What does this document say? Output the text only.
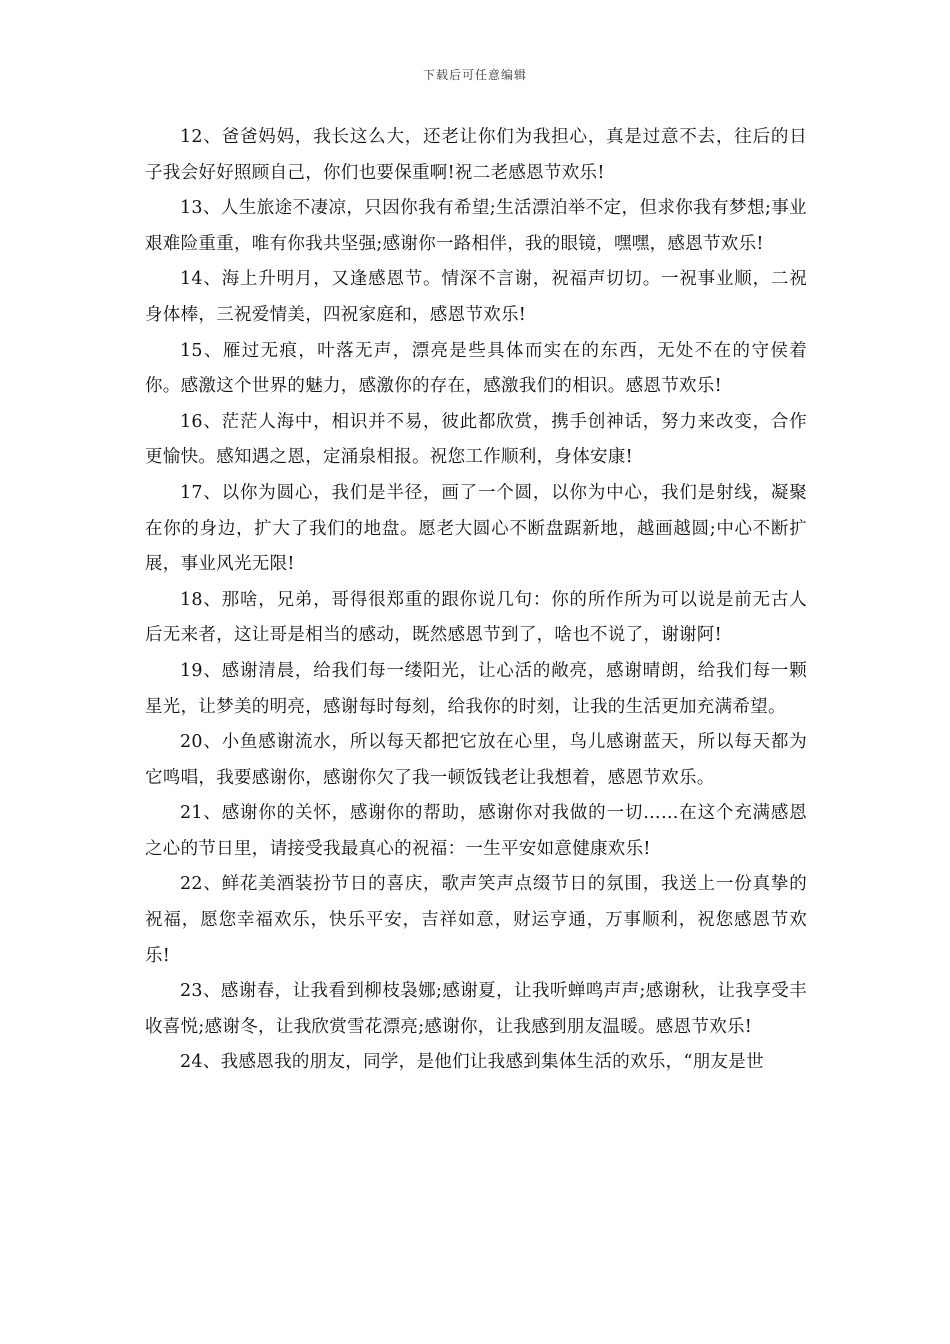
下载后可任意编辑

12、爸爸妈妈，我长这么大，还老让你们为我担心，真是过意不去，往后的日子我会好好照顾自己，你们也要保重啊!祝二老感恩节欢乐!

13、人生旅途不凄凉，只因你我有希望;生活漂泊举不定，但求你我有梦想;事业艰难险重重，唯有你我共坚强;感谢你一路相伴，我的眼镜，嘿嘿，感恩节欢乐!

14、海上升明月，又逢感恩节。情深不言谢，祝福声切切。一祝事业顺，二祝身体棒，三祝爱情美，四祝家庭和，感恩节欢乐!

15、雁过无痕，叶落无声，漂亮是些具体而实在的东西，无处不在的守侯着你。感激这个世界的魅力，感激你的存在，感激我们的相识。感恩节欢乐!

16、茫茫人海中，相识并不易，彼此都欣赏，携手创神话，努力来改变，合作更愉快。感知遇之恩，定涌泉相报。祝您工作顺利，身体安康!

17、以你为圆心，我们是半径，画了一个圆，以你为中心，我们是射线，凝聚在你的身边，扩大了我们的地盘。愿老大圆心不断盘踞新地，越画越圆;中心不断扩展，事业风光无限!

18、那啥，兄弟，哥得很郑重的跟你说几句：你的所作所为可以说是前无古人后无来者，这让哥是相当的感动，既然感恩节到了，啥也不说了，谢谢阿!

19、感谢清晨，给我们每一缕阳光，让心活的敞亮，感谢晴朗，给我们每一颗星光，让梦美的明亮，感谢每时每刻，给我你的时刻，让我的生活更加充满希望。

20、小鱼感谢流水，所以每天都把它放在心里，鸟儿感谢蓝天，所以每天都为它鸣唱，我要感谢你，感谢你欠了我一顿饭钱老让我想着，感恩节欢乐。

21、感谢你的关怀，感谢你的帮助，感谢你对我做的一切……在这个充满感恩之心的节日里，请接受我最真心的祝福：一生平安如意健康欢乐!

22、鲜花美酒装扮节日的喜庆，歌声笑声点缀节日的氛围，我送上一份真挚的祝福，愿您幸福欢乐，快乐平安，吉祥如意，财运亨通，万事顺利，祝您感恩节欢乐!

23、感谢春，让我看到柳枝袅娜;感谢夏，让我听蝉鸣声声;感谢秋，让我享受丰收喜悦;感谢冬，让我欣赏雪花漂亮;感谢你，让我感到朋友温暖。感恩节欢乐!

24、我感恩我的朋友，同学，是他们让我感到集体生活的欢乐，“朋友是世
